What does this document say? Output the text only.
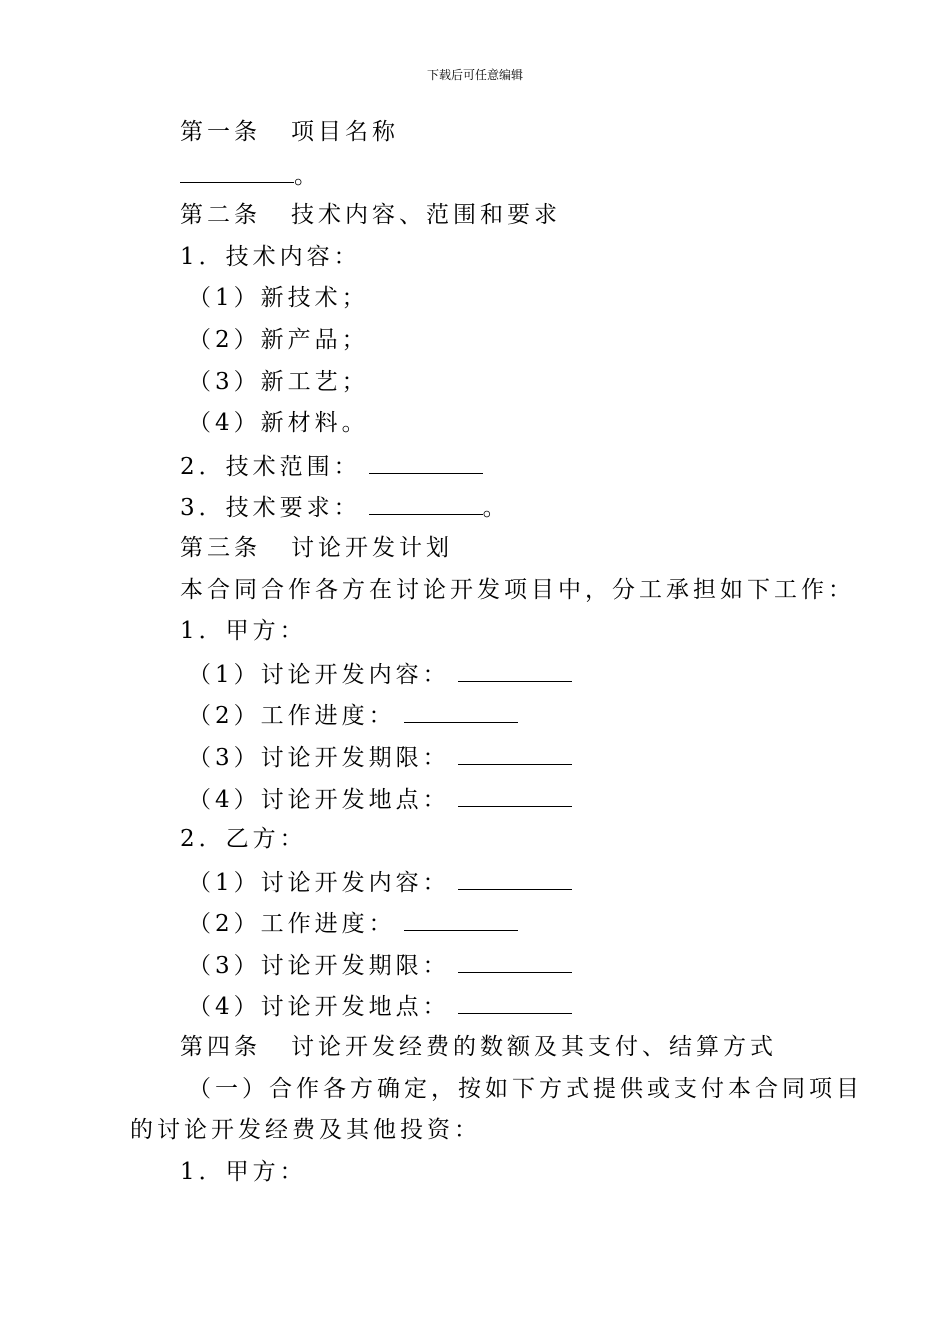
下载后可任意编辑
第一条 项目名称
。
第二条 技术内容、范围和要求
1．技术内容：
（1）新技术；
（2）新产品；
（3）新工艺；
（4）新材料。
2．技术范围：
3．技术要求：	。
第三条 讨论开发计划
本合同合作各方在讨论开发项目中，分工承担如下工作：
1．甲方：
（1）讨论开发内容：
（2）工作进度：
（3）讨论开发期限：
（4）讨论开发地点：
2．乙方：
（1）讨论开发内容：
（2）工作进度：
（3）讨论开发期限：
（4）讨论开发地点：
第四条 讨论开发经费的数额及其支付、结算方式
（一）合作各方确定，按如下方式提供或支付本合同项目
的讨论开发经费及其他投资：
1．甲方：
